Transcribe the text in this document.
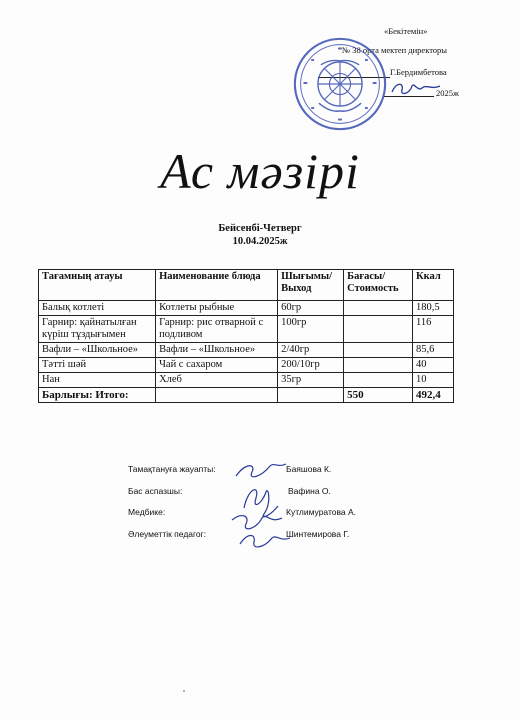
«Бекітемін»
№ 38 орта мектеп директоры
Г.Бердимбетова
2025ж
Ас мәзірі
Бейсенбі-Четверг
10.04.2025ж
Тағамның атауы	Наименование блюда	Шығымы/ Выход	Бағасы/ Стоимость	Ккал
Балық котлеті	Котлеты рыбные	60гр		180,5
Гарнир: қайнатылған күріш тұздығымен	Гарнир: рис отварной с подливом	100гр		116
Вафли – «Школьное»	Вафли – «Школьное»	2/40гр		85,6
Тәтті шәй	Чай с сахаром	200/10гр		40
Нан	Хлеб	35гр		10
Барлығы: Итого:			550	492,4
Тамақтануға жауапты:	Баяшова К.
Бас аспазшы:	Вафина О.
Медбике:	Кутлимуратова А.
Әлеуметтік педагог:	Шинтемирова Г.
